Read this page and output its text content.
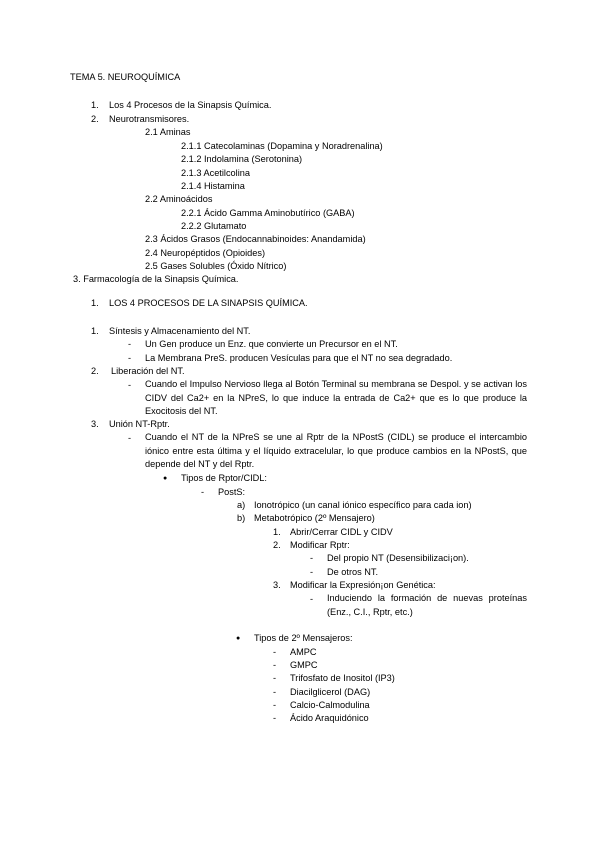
TEMA 5. NEUROQUÍMICA
1. Los 4 Procesos de la Sinapsis Química.
2. Neurotransmisores.
2.1 Aminas
2.1.1 Catecolaminas (Dopamina y Noradrenalina)
2.1.2 Indolamina (Serotonina)
2.1.3 Acetilcolina
2.1.4 Histamina
2.2 Aminoácidos
2.2.1 Ácido Gamma Aminobutírico (GABA)
2.2.2 Glutamato
2.3 Ácidos Grasos (Endocannabinoides: Anandamida)
2.4 Neuropéptidos (Opioides)
2.5 Gases Solubles (Óxido Nítrico)
3. Farmacología de la Sinapsis Química.
1. LOS 4 PROCESOS DE LA SINAPSIS QUÍMICA.
1. Síntesis y Almacenamiento del NT.
- Un Gen produce un Enz. que convierte un Precursor en el NT.
- La Membrana PreS. producen Vesículas para que el NT no sea degradado.
2. Liberación del NT.
- Cuando el Impulso Nervioso llega al Botón Terminal su membrana se Despol. y se activan los CIDV del Ca2+ en la NPreS, lo que induce la entrada de Ca2+ que es lo que produce la Exocitosis del NT.
3. Unión NT-Rptr.
- Cuando el NT de la NPreS se une al Rptr de la NPostS (CIDL) se produce el intercambio iónico entre esta última y el líquido extracelular, lo que produce cambios en la NPostS, que depende del NT y del Rptr.
● Tipos de Rptor/CIDL:
- PostS:
a) Ionotrópico (un canal iónico específico para cada ion)
b) Metabotrópico (2º Mensajero)
1. Abrir/Cerrar CIDL y CIDV
2. Modificar Rptr:
- Del propio NT (Desensibilizaci¡on).
- De otros NT.
3. Modificar la Expresión¡on Genética:
- Induciendo la formación de nuevas proteínas (Enz., C.I., Rptr, etc.)
● Tipos de 2º Mensajeros:
- AMPC
- GMPC
- Trifosfato de Inositol (IP3)
- Diacilglicerol (DAG)
- Calcio-Calmodulina
- Ácido Araquidónico
